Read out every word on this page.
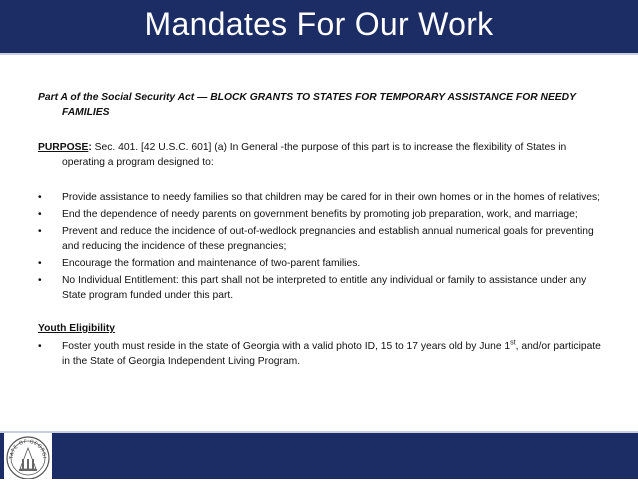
Mandates For Our Work

Part A of the Social Security Act — BLOCK GRANTS TO STATES FOR TEMPORARY ASSISTANCE FOR NEEDY FAMILIES

PURPOSE: Sec. 401. [42 U.S.C. 601] (a) In General -the purpose of this part is to increase the flexibility of States in operating a program designed to:

•	Provide assistance to needy families so that children may be cared for in their own homes or in the homes of relatives;
•	End the dependence of needy parents on government benefits by promoting job preparation, work, and marriage;
•	Prevent and reduce the incidence of out-of-wedlock pregnancies and establish annual numerical goals for preventing and reducing the incidence of these pregnancies;
•	Encourage the formation and maintenance of two-parent families.
•	No Individual Entitlement: this part shall not be interpreted to entitle any individual or family to assistance under any State program funded under this part.

Youth Eligibility

•	Foster youth must reside in the state of Georgia with a valid photo ID, 15 to 17 years old by June 1st, and/or participate in the State of Georgia Independent Living Program.
TATE OF GEORGI
